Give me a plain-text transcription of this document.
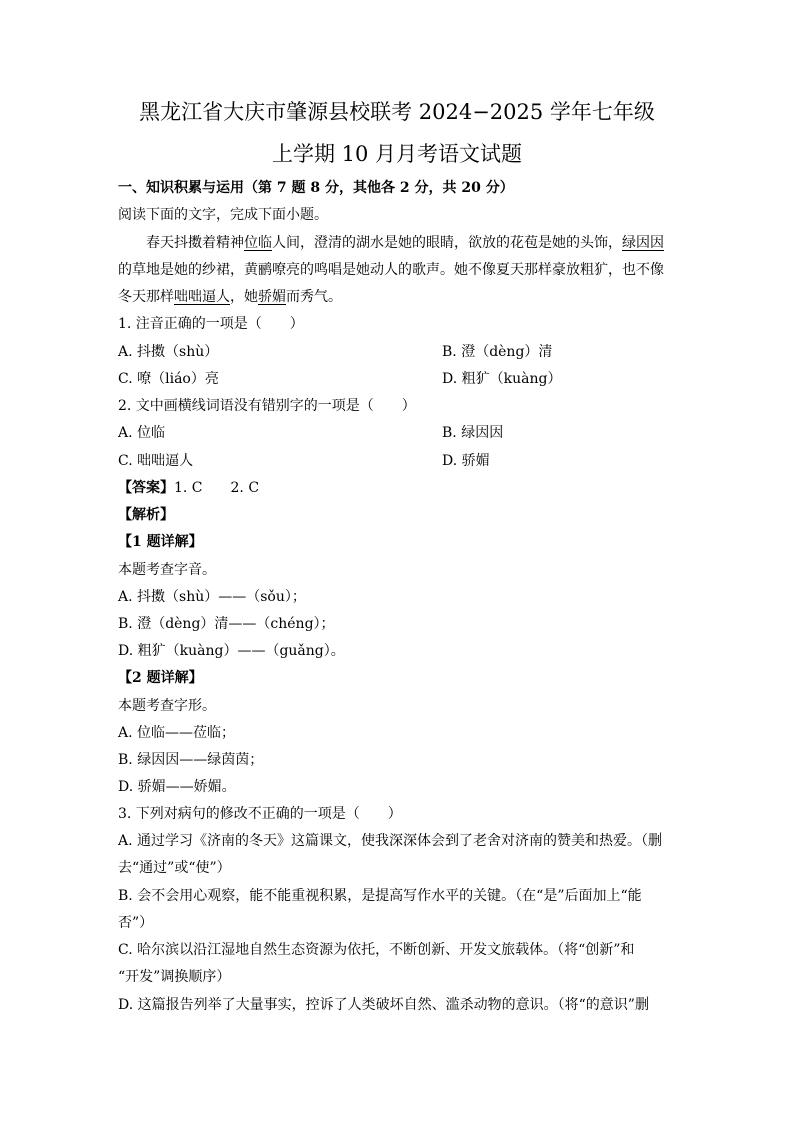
黑龙江省大庆市肇源县校联考 2024−2025 学年七年级
上学期 10 月月考语文试题
一、知识积累与运用（第 7 题 8 分，其他各 2 分，共 20 分）
阅读下面的文字，完成下面小题。
春天抖擞着精神位临人间，澄清的湖水是她的眼睛，欲放的花苞是她的头饰，绿因因
的草地是她的纱裙，黄鹂嘹亮的鸣唱是她动人的歌声。她不像夏天那样豪放粗犷，也不像
冬天那样咄咄逼人，她骄媚而秀气。
1. 注音正确的一项是（　　）
A. 抖擞（shù）	B. 澄（dèng）清
C. 嘹（liáo）亮	D. 粗犷（kuàng）
2. 文中画横线词语没有错别字的一项是（　　）
A. 位临	B. 绿因因
C. 咄咄逼人	D. 骄媚
【答案】1. C　　2. C
【解析】
【1 题详解】
本题考查字音。
A. 抖擞（shù）——（sǒu）；
B. 澄（dèng）清——（chéng）；
D. 粗犷（kuàng）——（guǎng）。
【2 题详解】
本题考查字形。
A. 位临——莅临；
B. 绿因因——绿茵茵；
D. 骄媚——娇媚。
3. 下列对病句的修改不正确的一项是（　　）
A. 通过学习《济南的冬天》这篇课文，使我深深体会到了老舍对济南的赞美和热爱。（删
去“通过”或“使”）
B. 会不会用心观察，能不能重视积累，是提高写作水平的关键。（在“是”后面加上“能
否”）
C. 哈尔滨以沿江湿地自然生态资源为依托，不断创新、开发文旅载体。（将“创新”和
“开发”调换顺序）
D. 这篇报告列举了大量事实，控诉了人类破坏自然、滥杀动物的意识。（将“的意识”删
